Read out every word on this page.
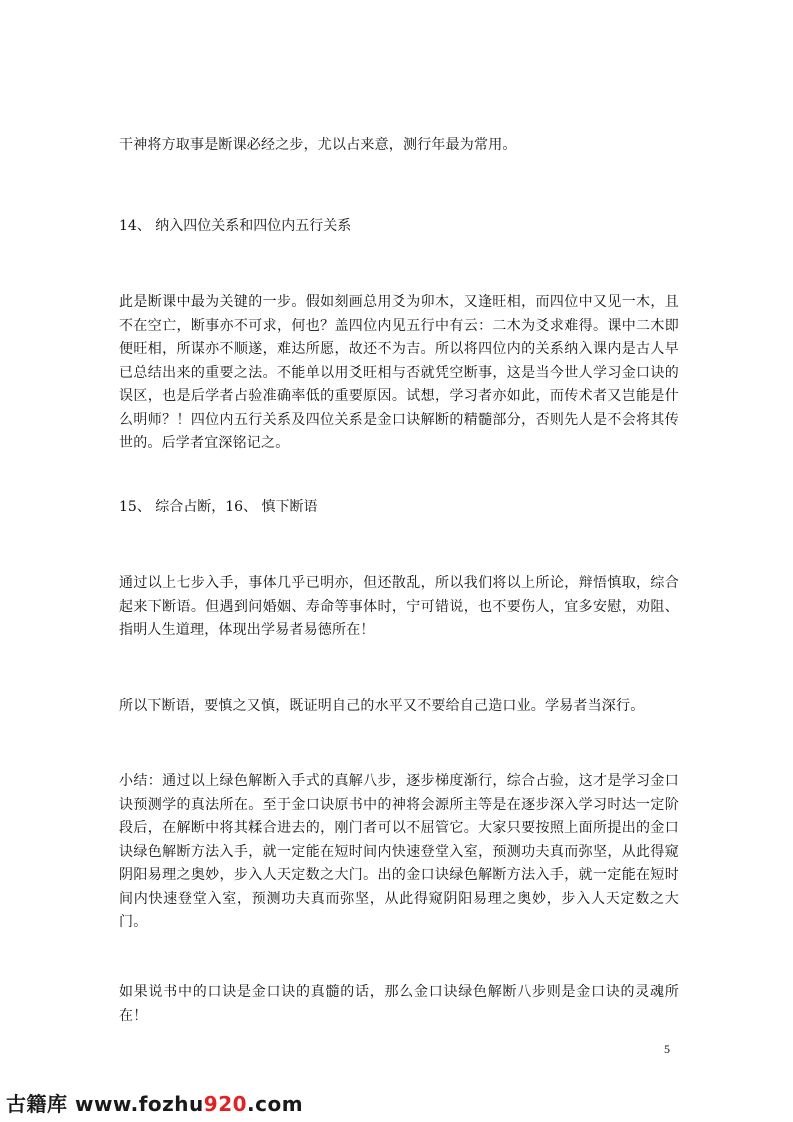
干神将方取事是断课必经之步，尤以占来意，测行年最为常用。

14、 纳入四位关系和四位内五行关系

此是断课中最为关键的一步。假如刻画总用爻为卯木，又逢旺相，而四位中又见一木，且不在空亡，断事亦不可求，何也？盖四位内见五行中有云：二木为爻求难得。课中二木即便旺相，所谋亦不顺遂，难达所愿，故还不为吉。所以将四位内的关系纳入课内是古人早已总结出来的重要之法。不能单以用爻旺相与否就凭空断事，这是当今世人学习金口诀的误区，也是后学者占验准确率低的重要原因。试想，学习者亦如此，而传术者又岂能是什么明师？！四位内五行关系及四位关系是金口诀解断的精髓部分，否则先人是不会将其传世的。后学者宜深铭记之。

15、 综合占断，16、 慎下断语

通过以上七步入手，事体几乎已明亦，但还散乱，所以我们将以上所论，辩悟慎取，综合起来下断语。但遇到问婚姻、寿命等事体时，宁可错说，也不要伤人，宜多安慰，劝阻、指明人生道理，体现出学易者易德所在！

所以下断语，要慎之又慎，既证明自己的水平又不要给自己造口业。学易者当深行。

小结：通过以上绿色解断入手式的真解八步，逐步梯度渐行，综合占验，这才是学习金口诀预测学的真法所在。至于金口诀原书中的神将会源所主等是在逐步深入学习时达一定阶段后，在解断中将其糅合进去的，刚门者可以不屈管它。大家只要按照上面所提出的金口诀绿色解断方法入手，就一定能在短时间内快速登堂入室，预测功夫真而弥坚，从此得窥阴阳易理之奥妙，步入人天定数之大门。出的金口诀绿色解断方法入手，就一定能在短时间内快速登堂入室，预测功夫真而弥坚，从此得窥阴阳易理之奥妙，步入人天定数之大门。

如果说书中的口诀是金口诀的真髓的话，那么金口诀绿色解断八步则是金口诀的灵魂所在！

5
古籍库 www.fozhu920.com
